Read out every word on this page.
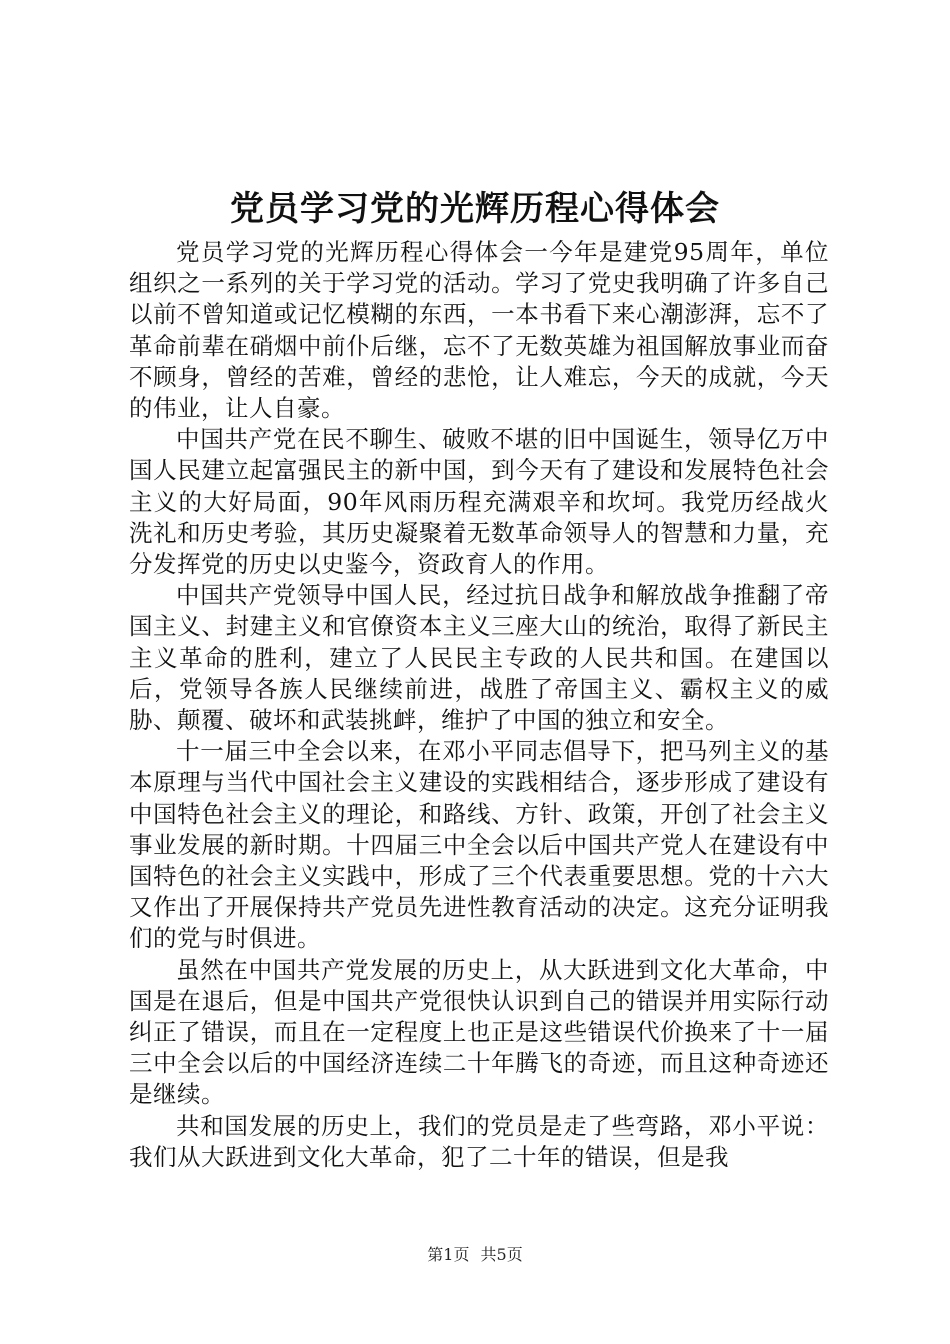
党员学习党的光辉历程心得体会

党员学习党的光辉历程心得体会一今年是建党95周年，单位组织之一系列的关于学习党的活动。学习了党史我明确了许多自己以前不曾知道或记忆模糊的东西，一本书看下来心潮澎湃，忘不了革命前辈在硝烟中前仆后继，忘不了无数英雄为祖国解放事业而奋不顾身，曾经的苦难，曾经的悲怆，让人难忘，今天的成就，今天的伟业，让人自豪。

中国共产党在民不聊生、破败不堪的旧中国诞生，领导亿万中国人民建立起富强民主的新中国，到今天有了建设和发展特色社会主义的大好局面，90年风雨历程充满艰辛和坎坷。我党历经战火洗礼和历史考验，其历史凝聚着无数革命领导人的智慧和力量，充分发挥党的历史以史鉴今，资政育人的作用。

中国共产党领导中国人民，经过抗日战争和解放战争推翻了帝国主义、封建主义和官僚资本主义三座大山的统治，取得了新民主主义革命的胜利，建立了人民民主专政的人民共和国。在建国以后，党领导各族人民继续前进，战胜了帝国主义、霸权主义的威胁、颠覆、破坏和武装挑衅，维护了中国的独立和安全。

十一届三中全会以来，在邓小平同志倡导下，把马列主义的基本原理与当代中国社会主义建设的实践相结合，逐步形成了建设有中国特色社会主义的理论，和路线、方针、政策，开创了社会主义事业发展的新时期。十四届三中全会以后中国共产党人在建设有中国特色的社会主义实践中，形成了三个代表重要思想。党的十六大又作出了开展保持共产党员先进性教育活动的决定。这充分证明我们的党与时俱进。

虽然在中国共产党发展的历史上，从大跃进到文化大革命，中国是在退后，但是中国共产党很快认识到自己的错误并用实际行动纠正了错误，而且在一定程度上也正是这些错误代价换来了十一届三中全会以后的中国经济连续二十年腾飞的奇迹，而且这种奇迹还是继续。

共和国发展的历史上，我们的党员是走了些弯路，邓小平说：我们从大跃进到文化大革命，犯了二十年的错误，但是我

第1页 共5页
